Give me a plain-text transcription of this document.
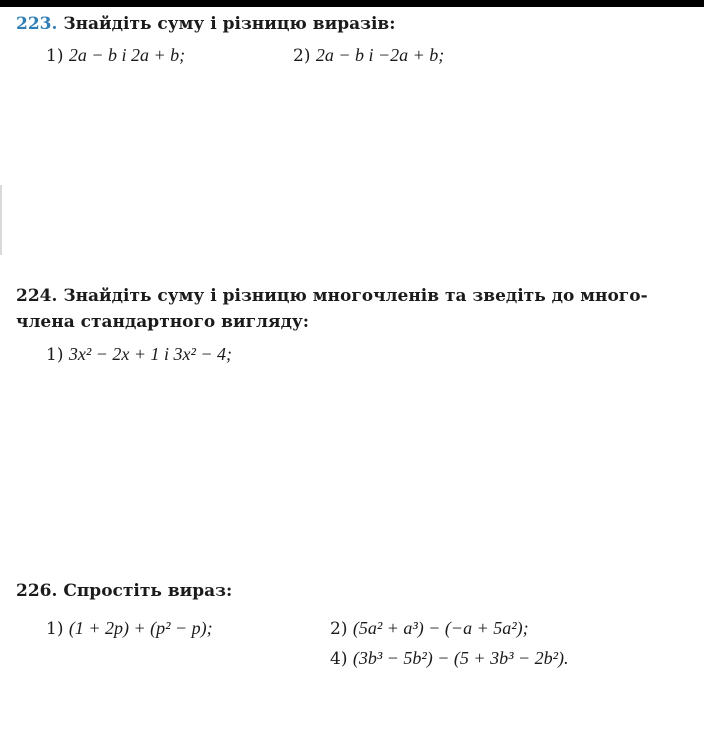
223. Знайдіть суму і різницю виразів:
1) 2a − b і 2a + b;	2) 2a − b і −2a + b;
224. Знайдіть суму і різницю многочленів та зведіть до много-
члена стандартного вигляду:
1) 3x² − 2x + 1 і 3x² − 4;
226. Спростіть вираз:
1) (1 + 2p) + (p² − p);	2) (5a² + a³) − (−a + 5a²);
4) (3b³ − 5b²) − (5 + 3b³ − 2b²).
